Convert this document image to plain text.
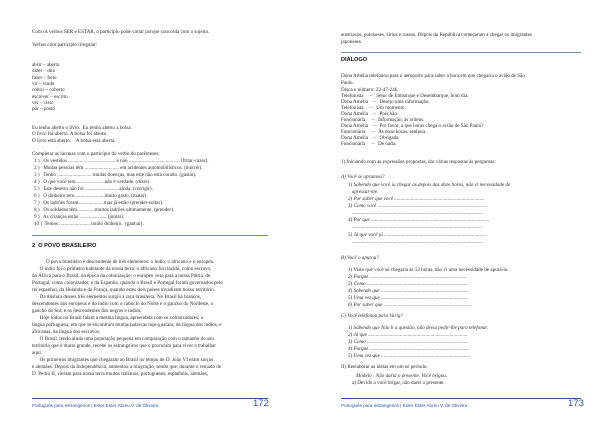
Com os verbos SER e ESTAR, o particípio pode variar porque concorda com o sujeito.
Verbos com particípio irregular:
abrir – aberto
dizer – dito
fazer – feito
vir – vindo
cobrir – coberto
escrever – escrito
ver – visto
pôr – posto
Eu tenho aberto o livro.  Eu tenho aberto a bolsa.
O livro foi aberto. A bolsa foi aberta.
O livro está aberto.    A bolsa está aberta.
Completar as lacunas com o particípio do verbo do parênteses:
1 )   Os vestidos ..................................... e não ........................................ (fritar-cozer).
2 )   Muitas pessoas têm ........................... em acidentes automobilísticos. (morrer).
3 )   Tenho ........................... muitas doenças, mas este não está curado. (gastar).
4 )   O que você tem.......................não é verdade. (dizer).
5 )   Este deserto não foi .......................... ainda. (corrigir).
6 )   O dinheiro tem........................muito gasto. (matar).
7 )   Os ladrões foram....................mas já estão (prender-soltar).
8 )   Os soldados têm..............muitos ladrões ultimamente. (prender).
9 )   As crianças estão ..................... (juntar).
10 )  Temos ........................ muito dinheiro.  (ganhar).
2  O POVO BRASILEIRO
O povo brasileiro é descendente de três elementos: o índio, o africano e o europeu.
O índio foi o primeiro habitante da nossa terra; o africano foi trazido, como escravo,
da África para o Brasil, na época da colonização; o europeu veio para a nossa Pátria, de
Portugal, como colonizador, e da Espanha, quando o Brasil e Portugal foram governados pelo
rei espanhol, da Holanda e da França, quando estes dois países invadiram nosso território.
Da mistura desses três elementos surgiu a raça brasileira. No Brasil há brancos,
descendentes dos europeus e do índio com o caboclo do Norte e o gaúcho do Nordeste, o
gaúcho do Sul; e os descendentes dos negros e índios.
Hoje todos no Brasil falam a mesma língua, apreendida com os colonizadores: a
língua portuguesa, em que se encontram muitas palavras tupi-guarani, da língua dos índios, e
africanas, da língua dos escravos.
O Brasil, tendo ainda uma população pequena em comparação com o tamanho do seu
território que é muito grande, recebe os estrangeiros que o procuram para viver e trabalhar
aqui.
Os primeiros imigrantes que chegaram ao Brasil no tempo de D. João VI eram suíços
e alemães. Depois da Independência, aumentou a imigração, sendo que, durante o reinado de
D. Pedro II, vieram para nossa terra muitos italianos, portugueses, espanhóis, alemães,
Português para estrangeiros | Ester Ester Abreu V. de Oliveira	172
austríacos, poloneses, sírios e russos. Depois da República começaram a chegar os imigrantes
japoneses.
DIÁLOGO
Dona Amélia telefonou para o aeroporto para saber a hora em que chegaria o avião de São
Paulo.
Disca o número: 22-47-246.
Telefonista     –   Setor de Embarque e Desembarque, bom dia.
Dona Amélia    –   Desejo uma informação.
Telefonista     –   Um momento.
Dona Amélia    –   Pois não.
Funcionária     –   Informação, às ordens.
Dona Amélia    –   Por favor, a que horas chega o avião de São Paulo?
Funcionária     –   Às doze horas, senhora.
Dona Amélia    –   Obrigada.
Funcionária     –   De nada.
1) Iniciando com as expressões propostas, dar várias respostas às perguntas:
A) Você se aprumou?
1) Sabendo que você ia chegar às depois das doze horas, não vi necessidade de
apressar-me.
2) Por saber que você .......................................................................
3) Como você ......................................................................................
.......................................................................................................
4) Por que .............................................................................................
.......................................................................................................
5) Já que você já .................................................................................
.......................................................................................................
B) Você o apurou?
1) Visto que você só chegaria às 12 horas, não vi uma necessidade de apurá-lo.
2) Porque ............................................................................
3) Como ...............................................................................
4) Sabendo que .....................................................................
5) Uma vez que .....................................................................
6) Por saber que .....................................................................
C) Você telefonou para Varig?
1) Sabendo que Não li a questão, não devia pedir-lhe para telefonar.
2) Já que ..............................................................................
3) Como ................................................................................
4) Porque ..............................................................................
5) Uma vez que ......................................................................
II) Reelaborar as idéias em um só período:
Modelo : Não daria o presente. Você brigou.
a) Devido a você brigar, não darei o presente.
Português para estrangeiros | Ester Ester Abreu V. de Oliveira	173
